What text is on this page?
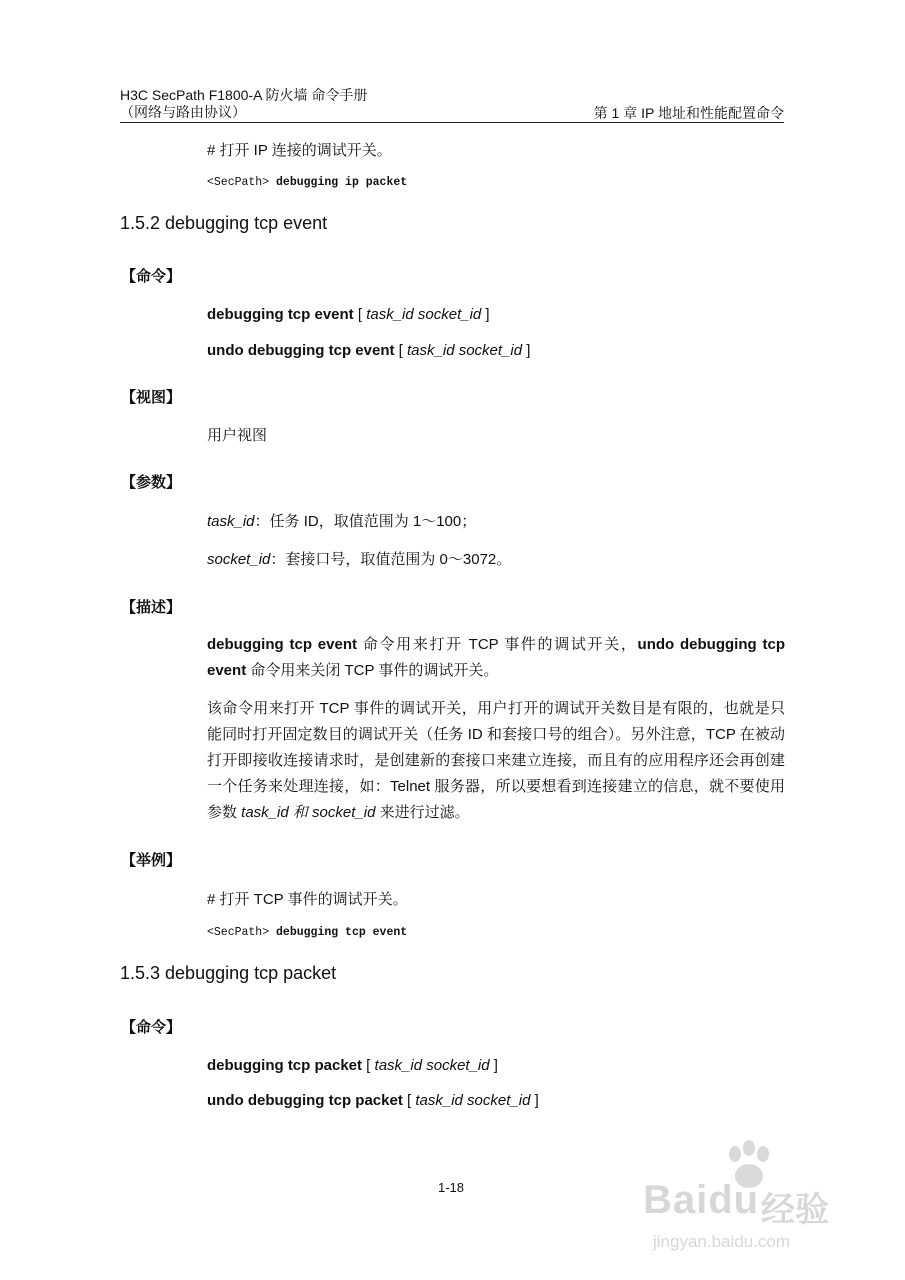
H3C SecPath F1800-A 防火墙 命令手册
（网络与路由协议）	第 1 章 IP 地址和性能配置命令
# 打开 IP 连接的调试开关。
<SecPath> debugging ip packet
1.5.2 debugging tcp event
【命令】
debugging tcp event [ task_id socket_id ]
undo debugging tcp event [ task_id socket_id ]
【视图】
用户视图
【参数】
task_id：任务 ID，取值范围为 1～100；
socket_id：套接口号，取值范围为 0～3072。
【描述】
debugging tcp event 命令用来打开 TCP 事件的调试开关，undo debugging tcp event 命令用来关闭 TCP 事件的调试开关。
该命令用来打开 TCP 事件的调试开关，用户打开的调试开关数目是有限的，也就是只能同时打开固定数目的调试开关（任务 ID 和套接口号的组合）。另外注意，TCP 在被动打开即接收连接请求时，是创建新的套接口来建立连接，而且有的应用程序还会再创建一个任务来处理连接，如：Telnet 服务器，所以要想看到连接建立的信息，就不要使用参数 task_id 和 socket_id 来进行过滤。
【举例】
# 打开 TCP 事件的调试开关。
<SecPath> debugging tcp event
1.5.3 debugging tcp packet
【命令】
debugging tcp packet [ task_id socket_id ]
undo debugging tcp packet [ task_id socket_id ]
1-18	Baidu 经验
jingyan.baidu.com
